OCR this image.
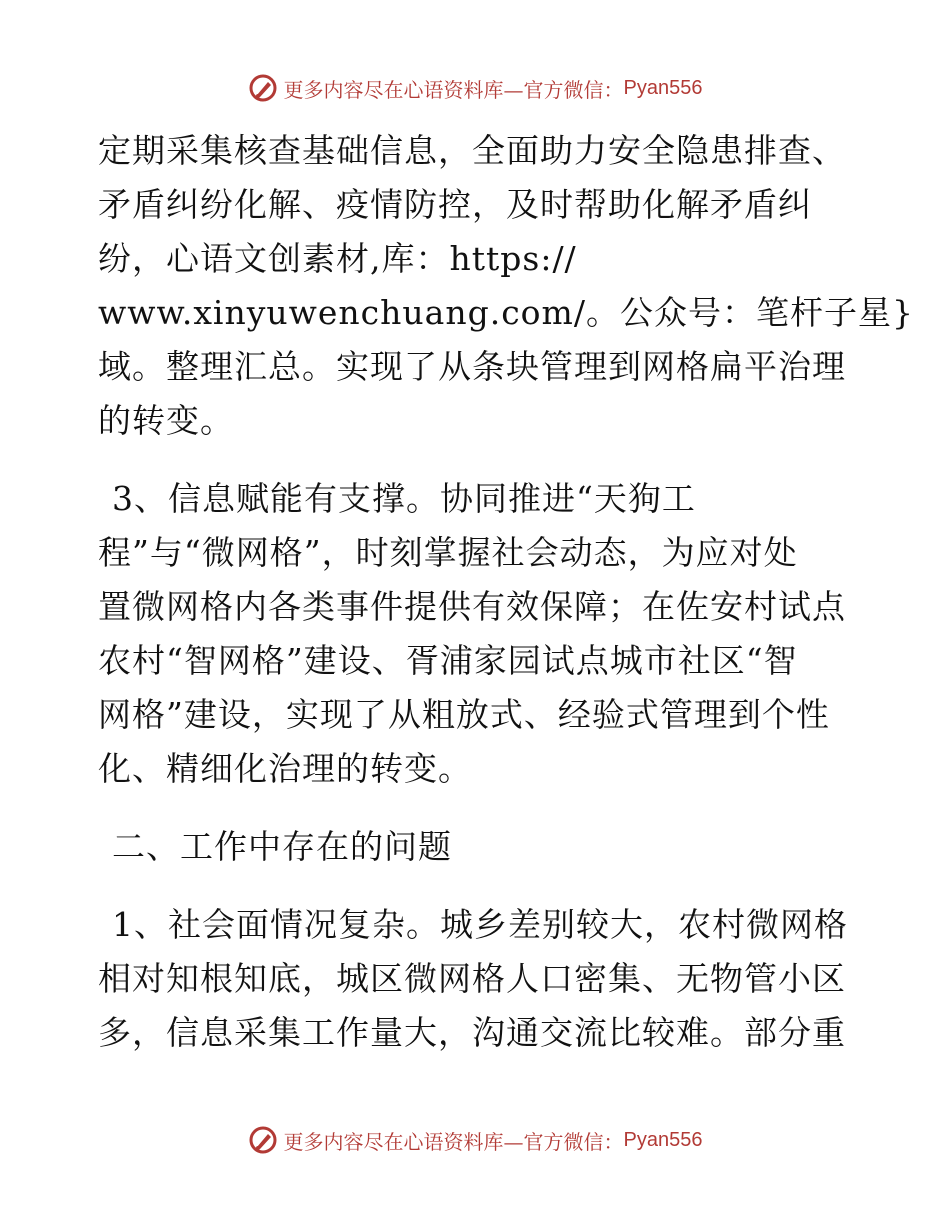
更多内容尽在心语资料库—官方微信： Pyan556
定期采集核查基础信息，全面助力安全隐患排查、
矛盾纠纷化解、疫情防控，及时帮助化解矛盾纠
纷，心语文创素材,库：https://
www.xinyuwenchuang.com/。公众号：笔杆子星}
域。整理汇总。实现了从条块管理到网格扁平治理
的转变。
3、信息赋能有支撑。协同推进“天狗工
程”与“微网格”，时刻掌握社会动态，为应对处
置微网格内各类事件提供有效保障；在佐安村试点
农村“智网格”建设、胥浦家园试点城市社区“智
网格”建设，实现了从粗放式、经验式管理到个性
化、精细化治理的转变。
二、工作中存在的问题
1、社会面情况复杂。城乡差别较大，农村微网格
相对知根知底，城区微网格人口密集、无物管小区
多，信息采集工作量大，沟通交流比较难。部分重
更多内容尽在心语资料库—官方微信： Pyan556
